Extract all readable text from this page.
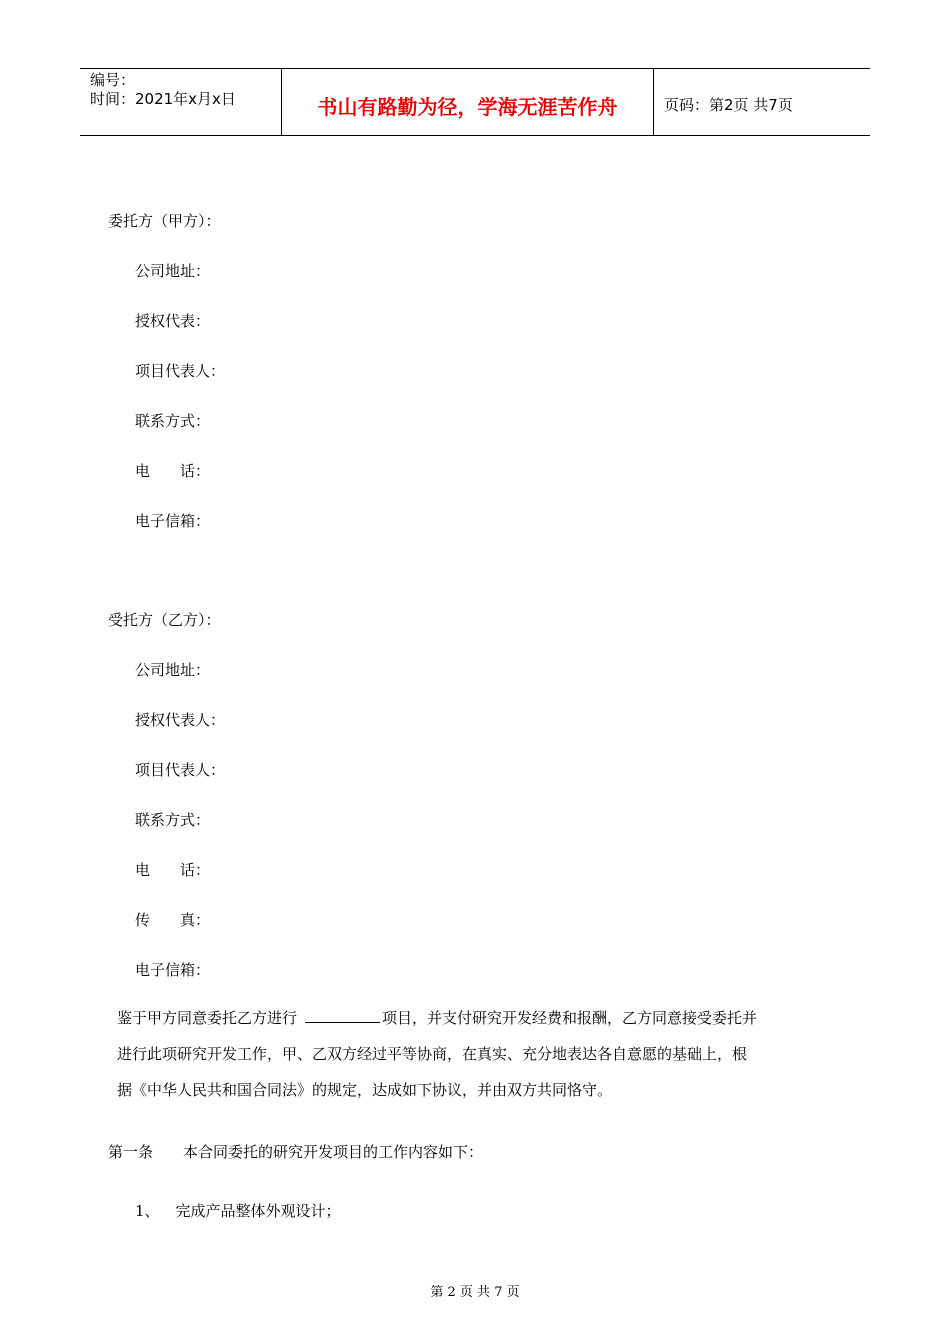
编号：
时间：2021年x月x日	书山有路勤为径，学海无涯苦作舟	页码：第2页 共7页
委托方（甲方）：
公司地址：
授权代表：
项目代表人：
联系方式：
电　　话：
电子信箱：
受托方（乙方）：
公司地址：
授权代表人：
项目代表人：
联系方式：
电　　话：
传　　真：
电子信箱：
鉴于甲方同意委托乙方进行	项目，并支付研究开发经费和报酬，乙方同意接受委托并
进行此项研究开发工作，甲、乙双方经过平等协商，在真实、充分地表达各自意愿的基础上，根
据《中华人民共和国合同法》的规定，达成如下协议，并由双方共同恪守。
第一条 本合同委托的研究开发项目的工作内容如下：
1、 完成产品整体外观设计；
第 2 页 共 7 页
